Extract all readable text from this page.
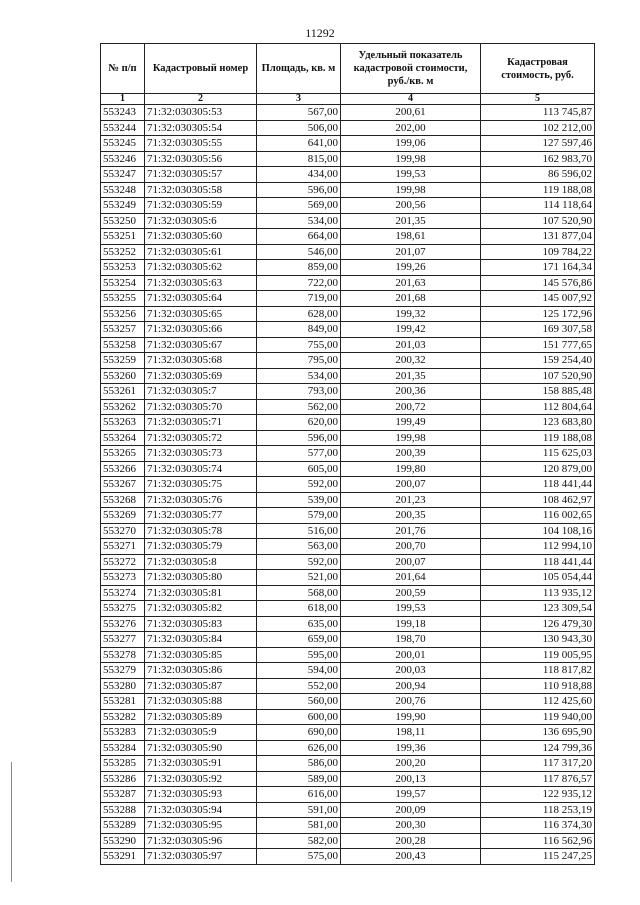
11292
№ п/п	Кадастровый номер	Площадь, кв. м	Удельный показатель кадастровой стоимости, руб./кв. м	Кадастровая стоимость, руб.
1	2	3	4	5
553243	71:32:030305:53	567,00	200,61	113 745,87
553244	71:32:030305:54	506,00	202,00	102 212,00
553245	71:32:030305:55	641,00	199,06	127 597,46
553246	71:32:030305:56	815,00	199,98	162 983,70
553247	71:32:030305:57	434,00	199,53	86 596,02
553248	71:32:030305:58	596,00	199,98	119 188,08
553249	71:32:030305:59	569,00	200,56	114 118,64
553250	71:32:030305:6	534,00	201,35	107 520,90
553251	71:32:030305:60	664,00	198,61	131 877,04
553252	71:32:030305:61	546,00	201,07	109 784,22
553253	71:32:030305:62	859,00	199,26	171 164,34
553254	71:32:030305:63	722,00	201,63	145 576,86
553255	71:32:030305:64	719,00	201,68	145 007,92
553256	71:32:030305:65	628,00	199,32	125 172,96
553257	71:32:030305:66	849,00	199,42	169 307,58
553258	71:32:030305:67	755,00	201,03	151 777,65
553259	71:32:030305:68	795,00	200,32	159 254,40
553260	71:32:030305:69	534,00	201,35	107 520,90
553261	71:32:030305:7	793,00	200,36	158 885,48
553262	71:32:030305:70	562,00	200,72	112 804,64
553263	71:32:030305:71	620,00	199,49	123 683,80
553264	71:32:030305:72	596,00	199,98	119 188,08
553265	71:32:030305:73	577,00	200,39	115 625,03
553266	71:32:030305:74	605,00	199,80	120 879,00
553267	71:32:030305:75	592,00	200,07	118 441,44
553268	71:32:030305:76	539,00	201,23	108 462,97
553269	71:32:030305:77	579,00	200,35	116 002,65
553270	71:32:030305:78	516,00	201,76	104 108,16
553271	71:32:030305:79	563,00	200,70	112 994,10
553272	71:32:030305:8	592,00	200,07	118 441,44
553273	71:32:030305:80	521,00	201,64	105 054,44
553274	71:32:030305:81	568,00	200,59	113 935,12
553275	71:32:030305:82	618,00	199,53	123 309,54
553276	71:32:030305:83	635,00	199,18	126 479,30
553277	71:32:030305:84	659,00	198,70	130 943,30
553278	71:32:030305:85	595,00	200,01	119 005,95
553279	71:32:030305:86	594,00	200,03	118 817,82
553280	71:32:030305:87	552,00	200,94	110 918,88
553281	71:32:030305:88	560,00	200,76	112 425,60
553282	71:32:030305:89	600,00	199,90	119 940,00
553283	71:32:030305:9	690,00	198,11	136 695,90
553284	71:32:030305:90	626,00	199,36	124 799,36
553285	71:32:030305:91	586,00	200,20	117 317,20
553286	71:32:030305:92	589,00	200,13	117 876,57
553287	71:32:030305:93	616,00	199,57	122 935,12
553288	71:32:030305:94	591,00	200,09	118 253,19
553289	71:32:030305:95	581,00	200,30	116 374,30
553290	71:32:030305:96	582,00	200,28	116 562,96
553291	71:32:030305:97	575,00	200,43	115 247,25
